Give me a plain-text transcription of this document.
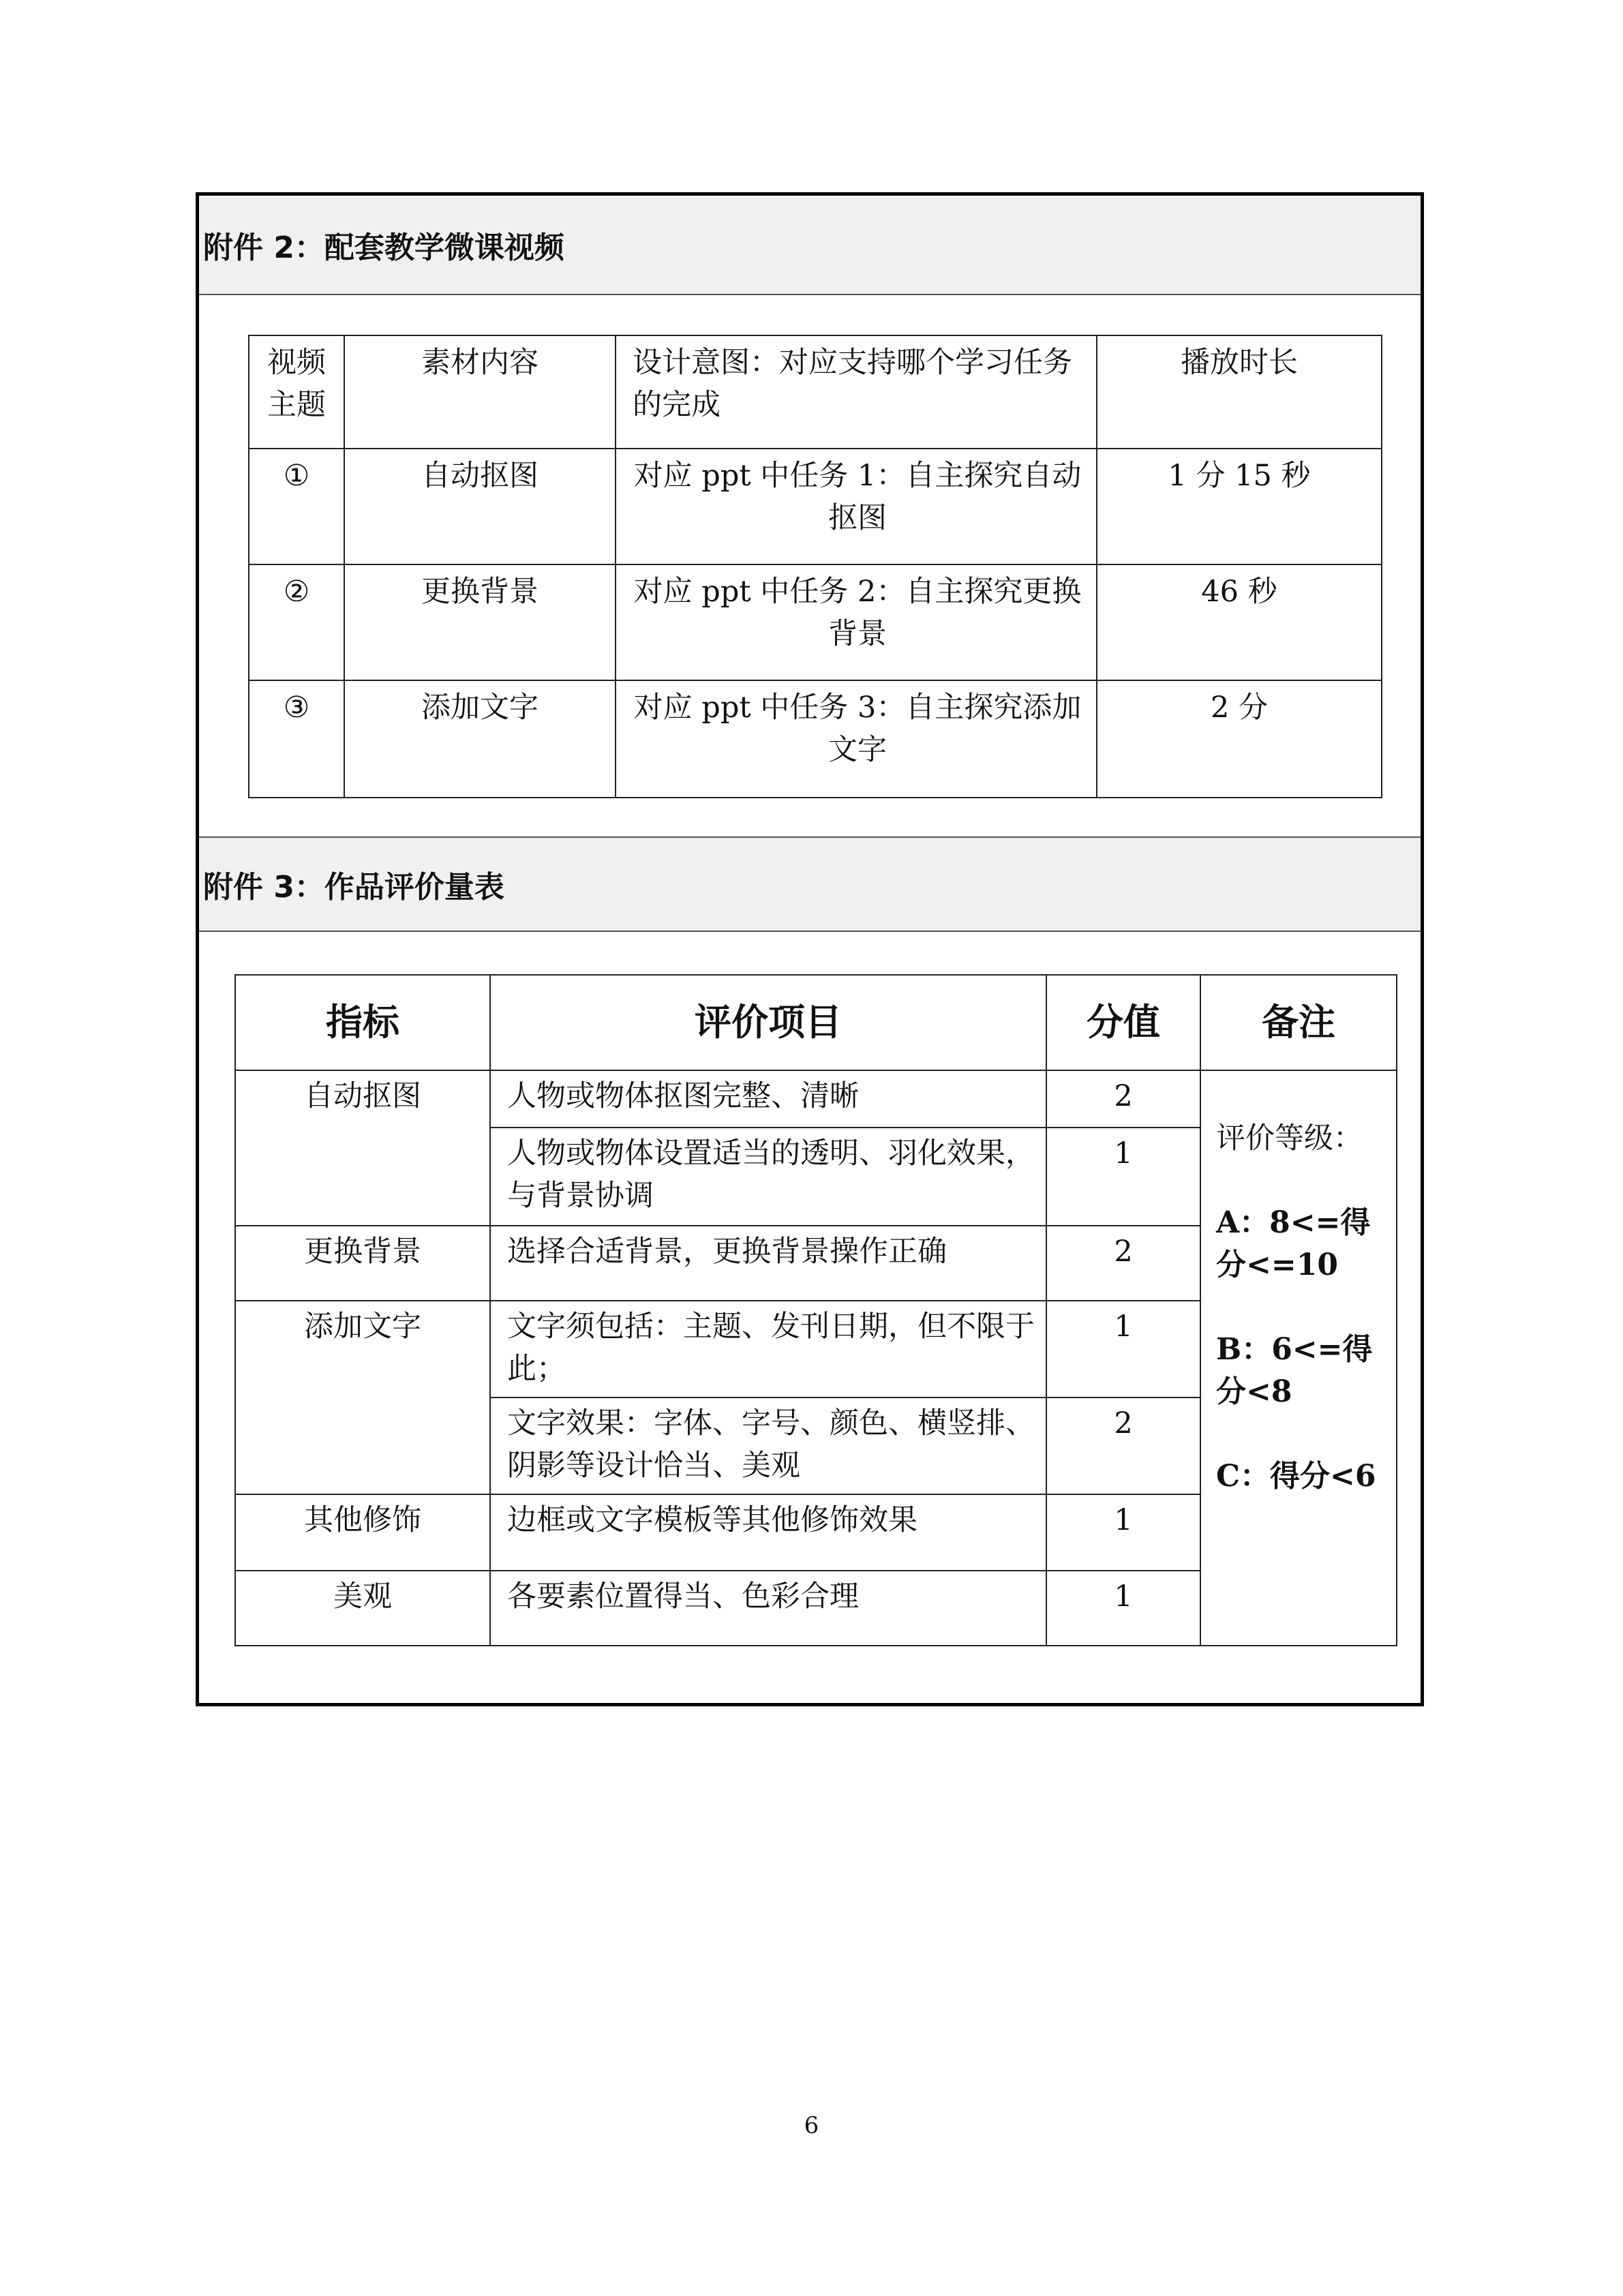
附件 2：配套教学微课视频
视频主题	素材内容	设计意图：对应支持哪个学习任务的完成	播放时长
①	自动抠图	对应 ppt 中任务 1：自主探究自动抠图	1 分 15 秒
②	更换背景	对应 ppt 中任务 2：自主探究更换背景	46 秒
③	添加文字	对应 ppt 中任务 3：自主探究添加文字	2 分
附件 3：作品评价量表
指标	评价项目	分值	备注
自动抠图	人物或物体抠图完整、清晰	2	评价等级：
A：8<=得分<=10
B：6<=得分<8
C：得分<6

	人物或物体设置适当的透明、羽化效果，与背景协调	1	
更换背景	选择合适背景，更换背景操作正确	2	
添加文字	文字须包括：主题、发刊日期，但不限于此；	1	
	文字效果：字体、字号、颜色、横竖排、阴影等设计恰当、美观	2	
其他修饰	边框或文字模板等其他修饰效果	1	
美观	各要素位置得当、色彩合理	1	
6
